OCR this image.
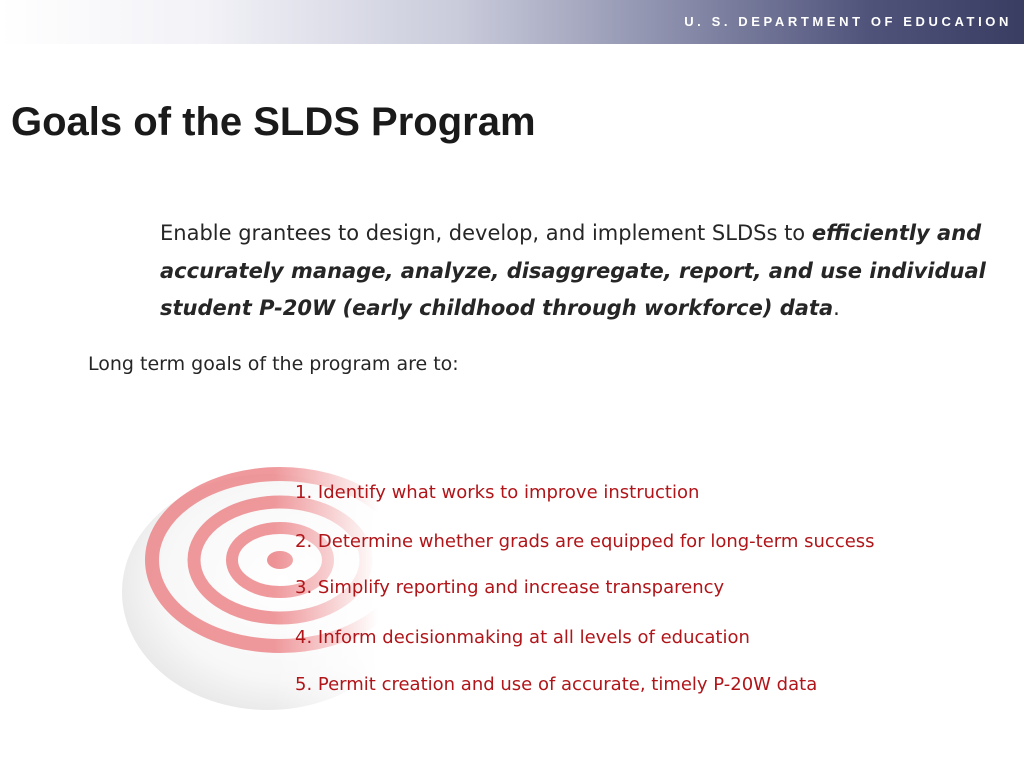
U. S. DEPARTMENT OF EDUCATION
Goals of the SLDS Program
Enable grantees to design, develop, and implement SLDSs to efficiently and accurately manage, analyze, disaggregate, report, and use individual student P-20W (early childhood through workforce) data.
Long term goals of the program are to:
1. Identify what works to improve instruction
2. Determine whether grads are equipped for long-term success
3. Simplify reporting and increase transparency
4. Inform decisionmaking at all levels of education
5. Permit creation and use of accurate, timely P-20W data
